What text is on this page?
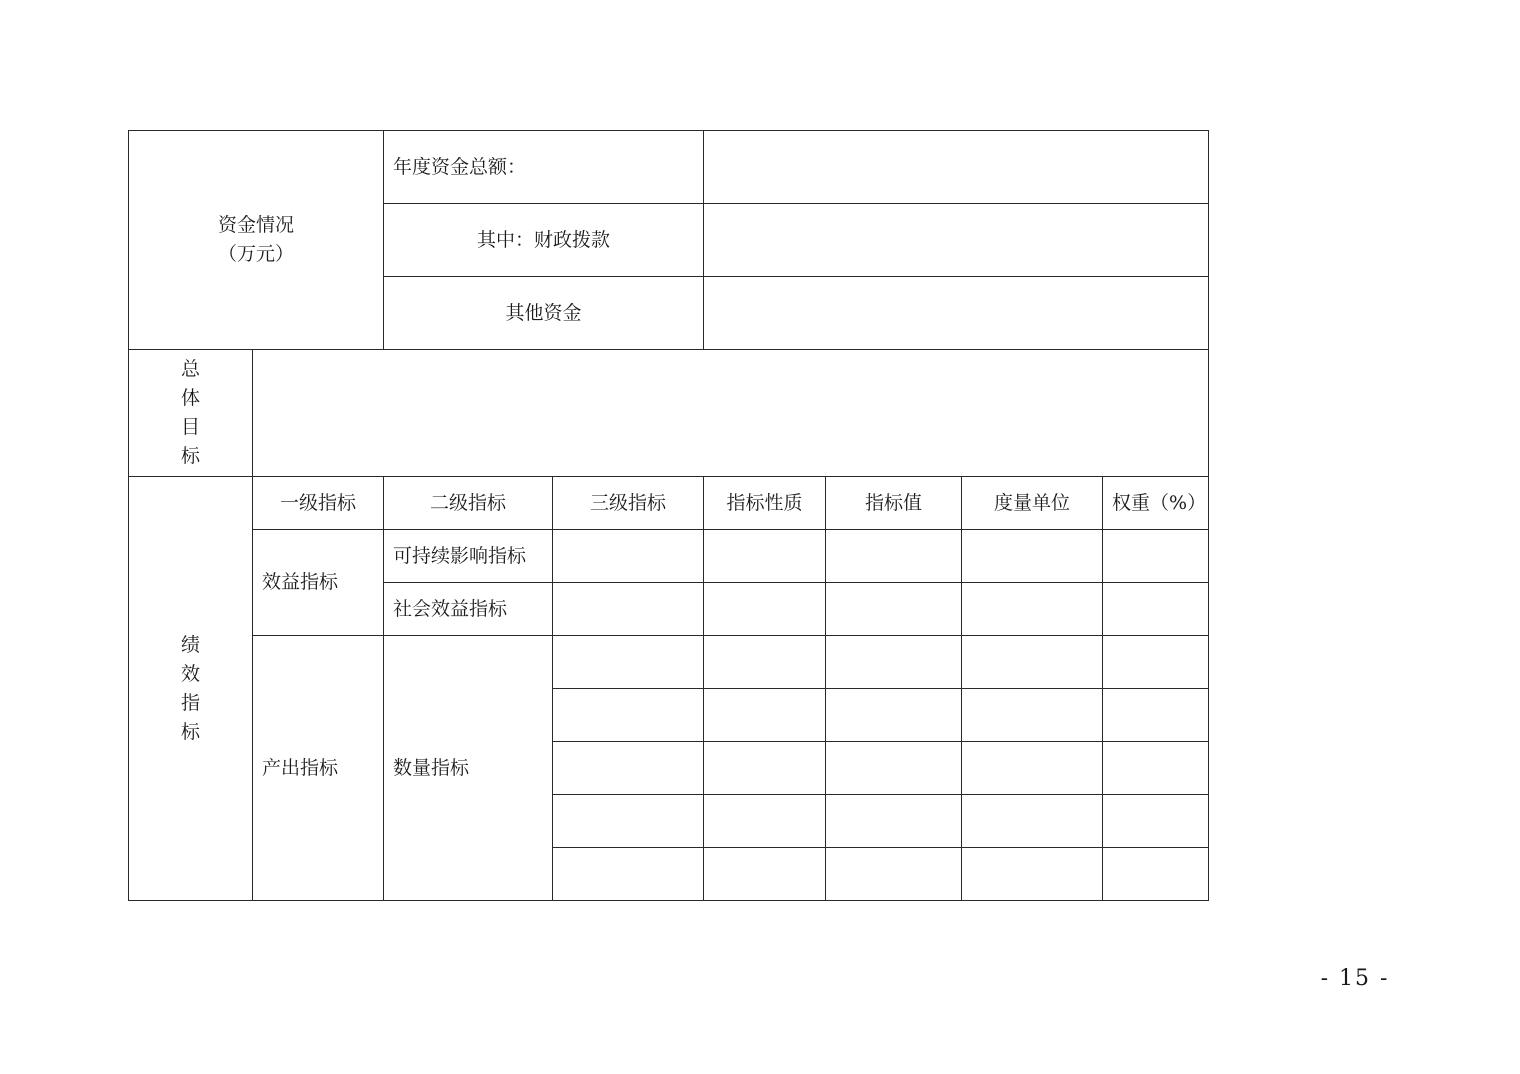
资金情况
（万元）		年度资金总额：					
		其中：财政拨款					
		其他资金					

总
体
目
标							

绩
效
指
标	一级指标	二级指标	三级指标	指标性质	指标值	度量单位	权重（%）
	效益指标	可持续影响指标					
		社会效益指标					
	产出指标	数量指标					

- 15 -
